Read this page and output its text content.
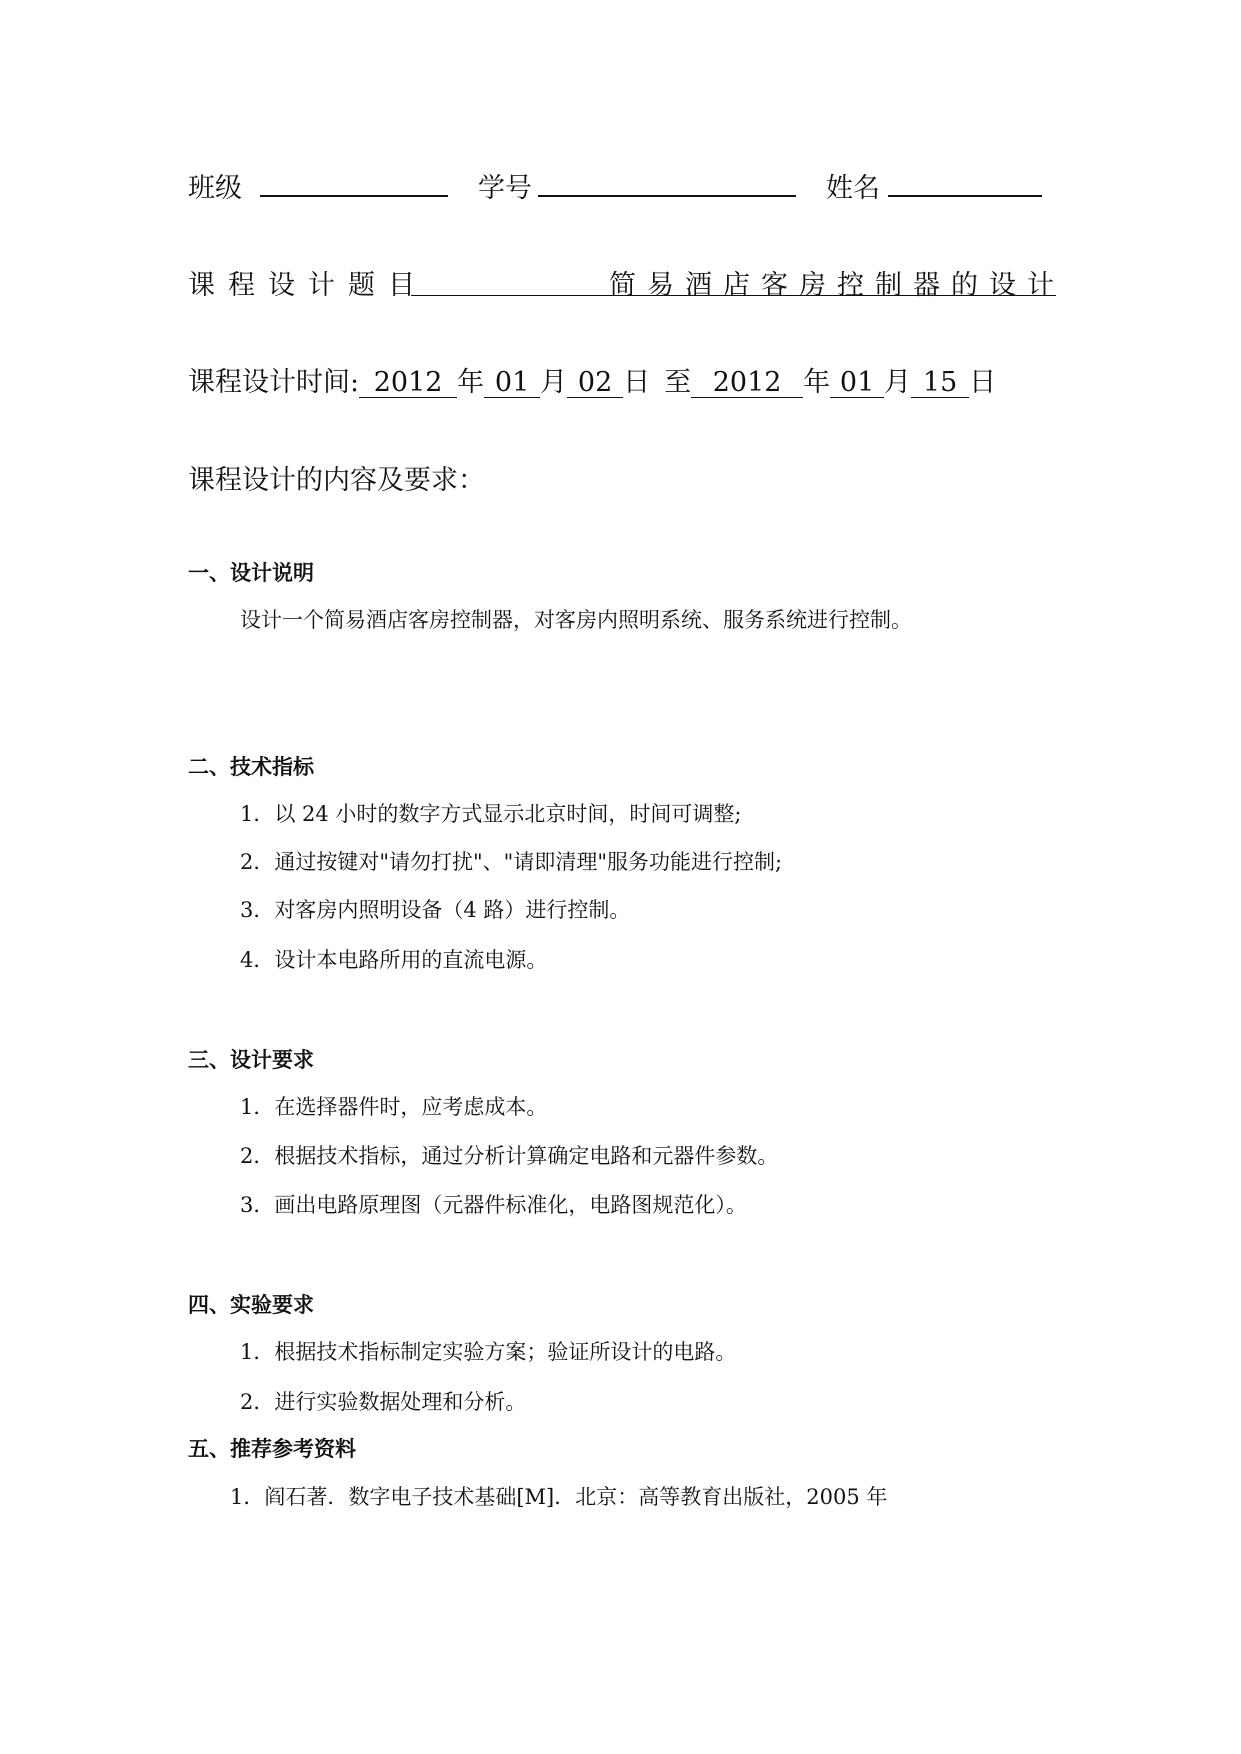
班级	学号	姓名
课程设计题目	简易酒店客房控制器的设计
课程设计时间: 2012 年 01 月 02 日 至 2012 年 01 月 15 日
课程设计的内容及要求：
一、设计说明
设计一个简易酒店客房控制器，对客房内照明系统、服务系统进行控制。
二、技术指标
1．以 24 小时的数字方式显示北京时间，时间可调整;
2．通过按键对"请勿打扰"、"请即清理"服务功能进行控制;
3．对客房内照明设备（4 路）进行控制。
4．设计本电路所用的直流电源。
三、设计要求
1．在选择器件时，应考虑成本。
2．根据技术指标，通过分析计算确定电路和元器件参数。
3．画出电路原理图（元器件标准化，电路图规范化）。
四、实验要求
1．根据技术指标制定实验方案；验证所设计的电路。
2．进行实验数据处理和分析。
五、推荐参考资料
1．阎石著．数字电子技术基础[M]．北京：高等教育出版社，2005 年
